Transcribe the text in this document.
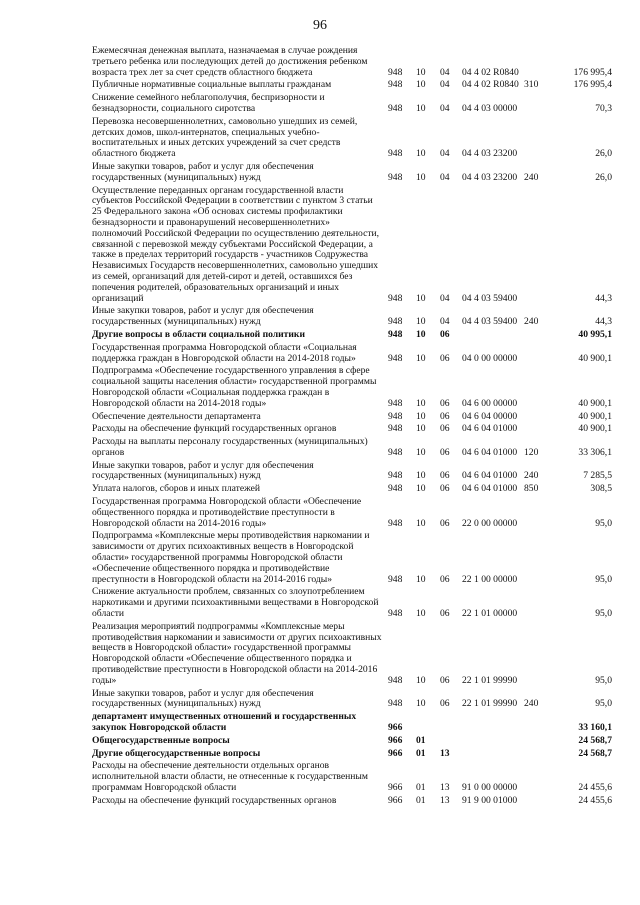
96
Ежемесячная денежная выплата, назначаемая в случае рождения третьего ребенка или последующих детей до достижения ребенком возраста трех лет за счет средств областного бюджета	948	10	04	04 4 02 R0840		176 995,4
Публичные нормативные социальные выплаты гражданам	948	10	04	04 4 02 R0840	310	176 995,4
Снижение семейного неблагополучия, беспризорности и безнадзорности, социального сиротства	948	10	04	04 4 03 00000		70,3
Перевозка несовершеннолетних, самовольно ушедших из семей, детских домов, школ-интернатов, специальных учебно-воспитательных и иных детских учреждений за счет средств областного бюджета	948	10	04	04 4 03 23200		26,0
Иные закупки товаров, работ и услуг для обеспечения государственных (муниципальных) нужд	948	10	04	04 4 03 23200	240	26,0
Осуществление переданных органам государственной власти субъектов Российской Федерации в соответствии с пунктом 3 статьи 25 Федерального закона «Об основах системы профилактики безнадзорности и правонарушений несовершеннолетних» полномочий Российской Федерации по осуществлению деятельности, связанной с перевозкой между субъектами Российской Федерации, а также в пределах территорий государств - участников Содружества Независимых Государств несовершеннолетних, самовольно ушедших из семей, организаций для детей-сирот и детей, оставшихся без попечения родителей, образовательных организаций и иных организаций	948	10	04	04 4 03 59400		44,3
Иные закупки товаров, работ и услуг для обеспечения государственных (муниципальных) нужд	948	10	04	04 4 03 59400	240	44,3
Другие вопросы в области социальной политики	948	10	06			40 995,1
Государственная программа Новгородской области «Социальная поддержка граждан в Новгородской области на 2014-2018 годы»	948	10	06	04 0 00 00000		40 900,1
Подпрограмма «Обеспечение государственного управления в сфере социальной защиты населения области» государственной программы Новгородской области «Социальная поддержка граждан в Новгородской области на 2014-2018 годы»	948	10	06	04 6 00 00000		40 900,1
Обеспечение деятельности департамента	948	10	06	04 6 04 00000		40 900,1
Расходы на обеспечение функций государственных органов	948	10	06	04 6 04 01000		40 900,1
Расходы на выплаты персоналу государственных (муниципальных) органов	948	10	06	04 6 04 01000	120	33 306,1
Иные закупки товаров, работ и услуг для обеспечения государственных (муниципальных) нужд	948	10	06	04 6 04 01000	240	7 285,5
Уплата налогов, сборов и иных платежей	948	10	06	04 6 04 01000	850	308,5
Государственная программа Новгородской области «Обеспечение общественного порядка и противодействие преступности в Новгородской области на 2014-2016 годы»	948	10	06	22 0 00 00000		95,0
Подпрограмма «Комплексные меры противодействия наркомании и зависимости от других психоактивных веществ в Новгородской области» государственной программы Новгородской области «Обеспечение общественного порядка и противодействие преступности в Новгородской области на 2014-2016 годы»	948	10	06	22 1 00 00000		95,0
Снижение актуальности проблем, связанных со злоупотреблением наркотиками и другими психоактивными веществами в Новгородской области	948	10	06	22 1 01 00000		95,0
Реализация мероприятий подпрограммы «Комплексные меры противодействия наркомании и зависимости от других психоактивных веществ в Новгородской области» государственной программы Новгородской области «Обеспечение общественного порядка и противодействие преступности в Новгородской области на 2014-2016 годы»	948	10	06	22 1 01 99990		95,0
Иные закупки товаров, работ и услуг для обеспечения государственных (муниципальных) нужд	948	10	06	22 1 01 99990	240	95,0
департамент имущественных отношений и государственных закупок Новгородской области	966					33 160,1
Общегосударственные вопросы	966	01				24 568,7
Другие общегосударственные вопросы	966	01	13			24 568,7
Расходы на обеспечение деятельности отдельных органов исполнительной власти области, не отнесенные к государственным программам Новгородской области	966	01	13	91 0 00 00000		24 455,6
Расходы на обеспечение функций государственных органов	966	01	13	91 9 00 01000		24 455,6
